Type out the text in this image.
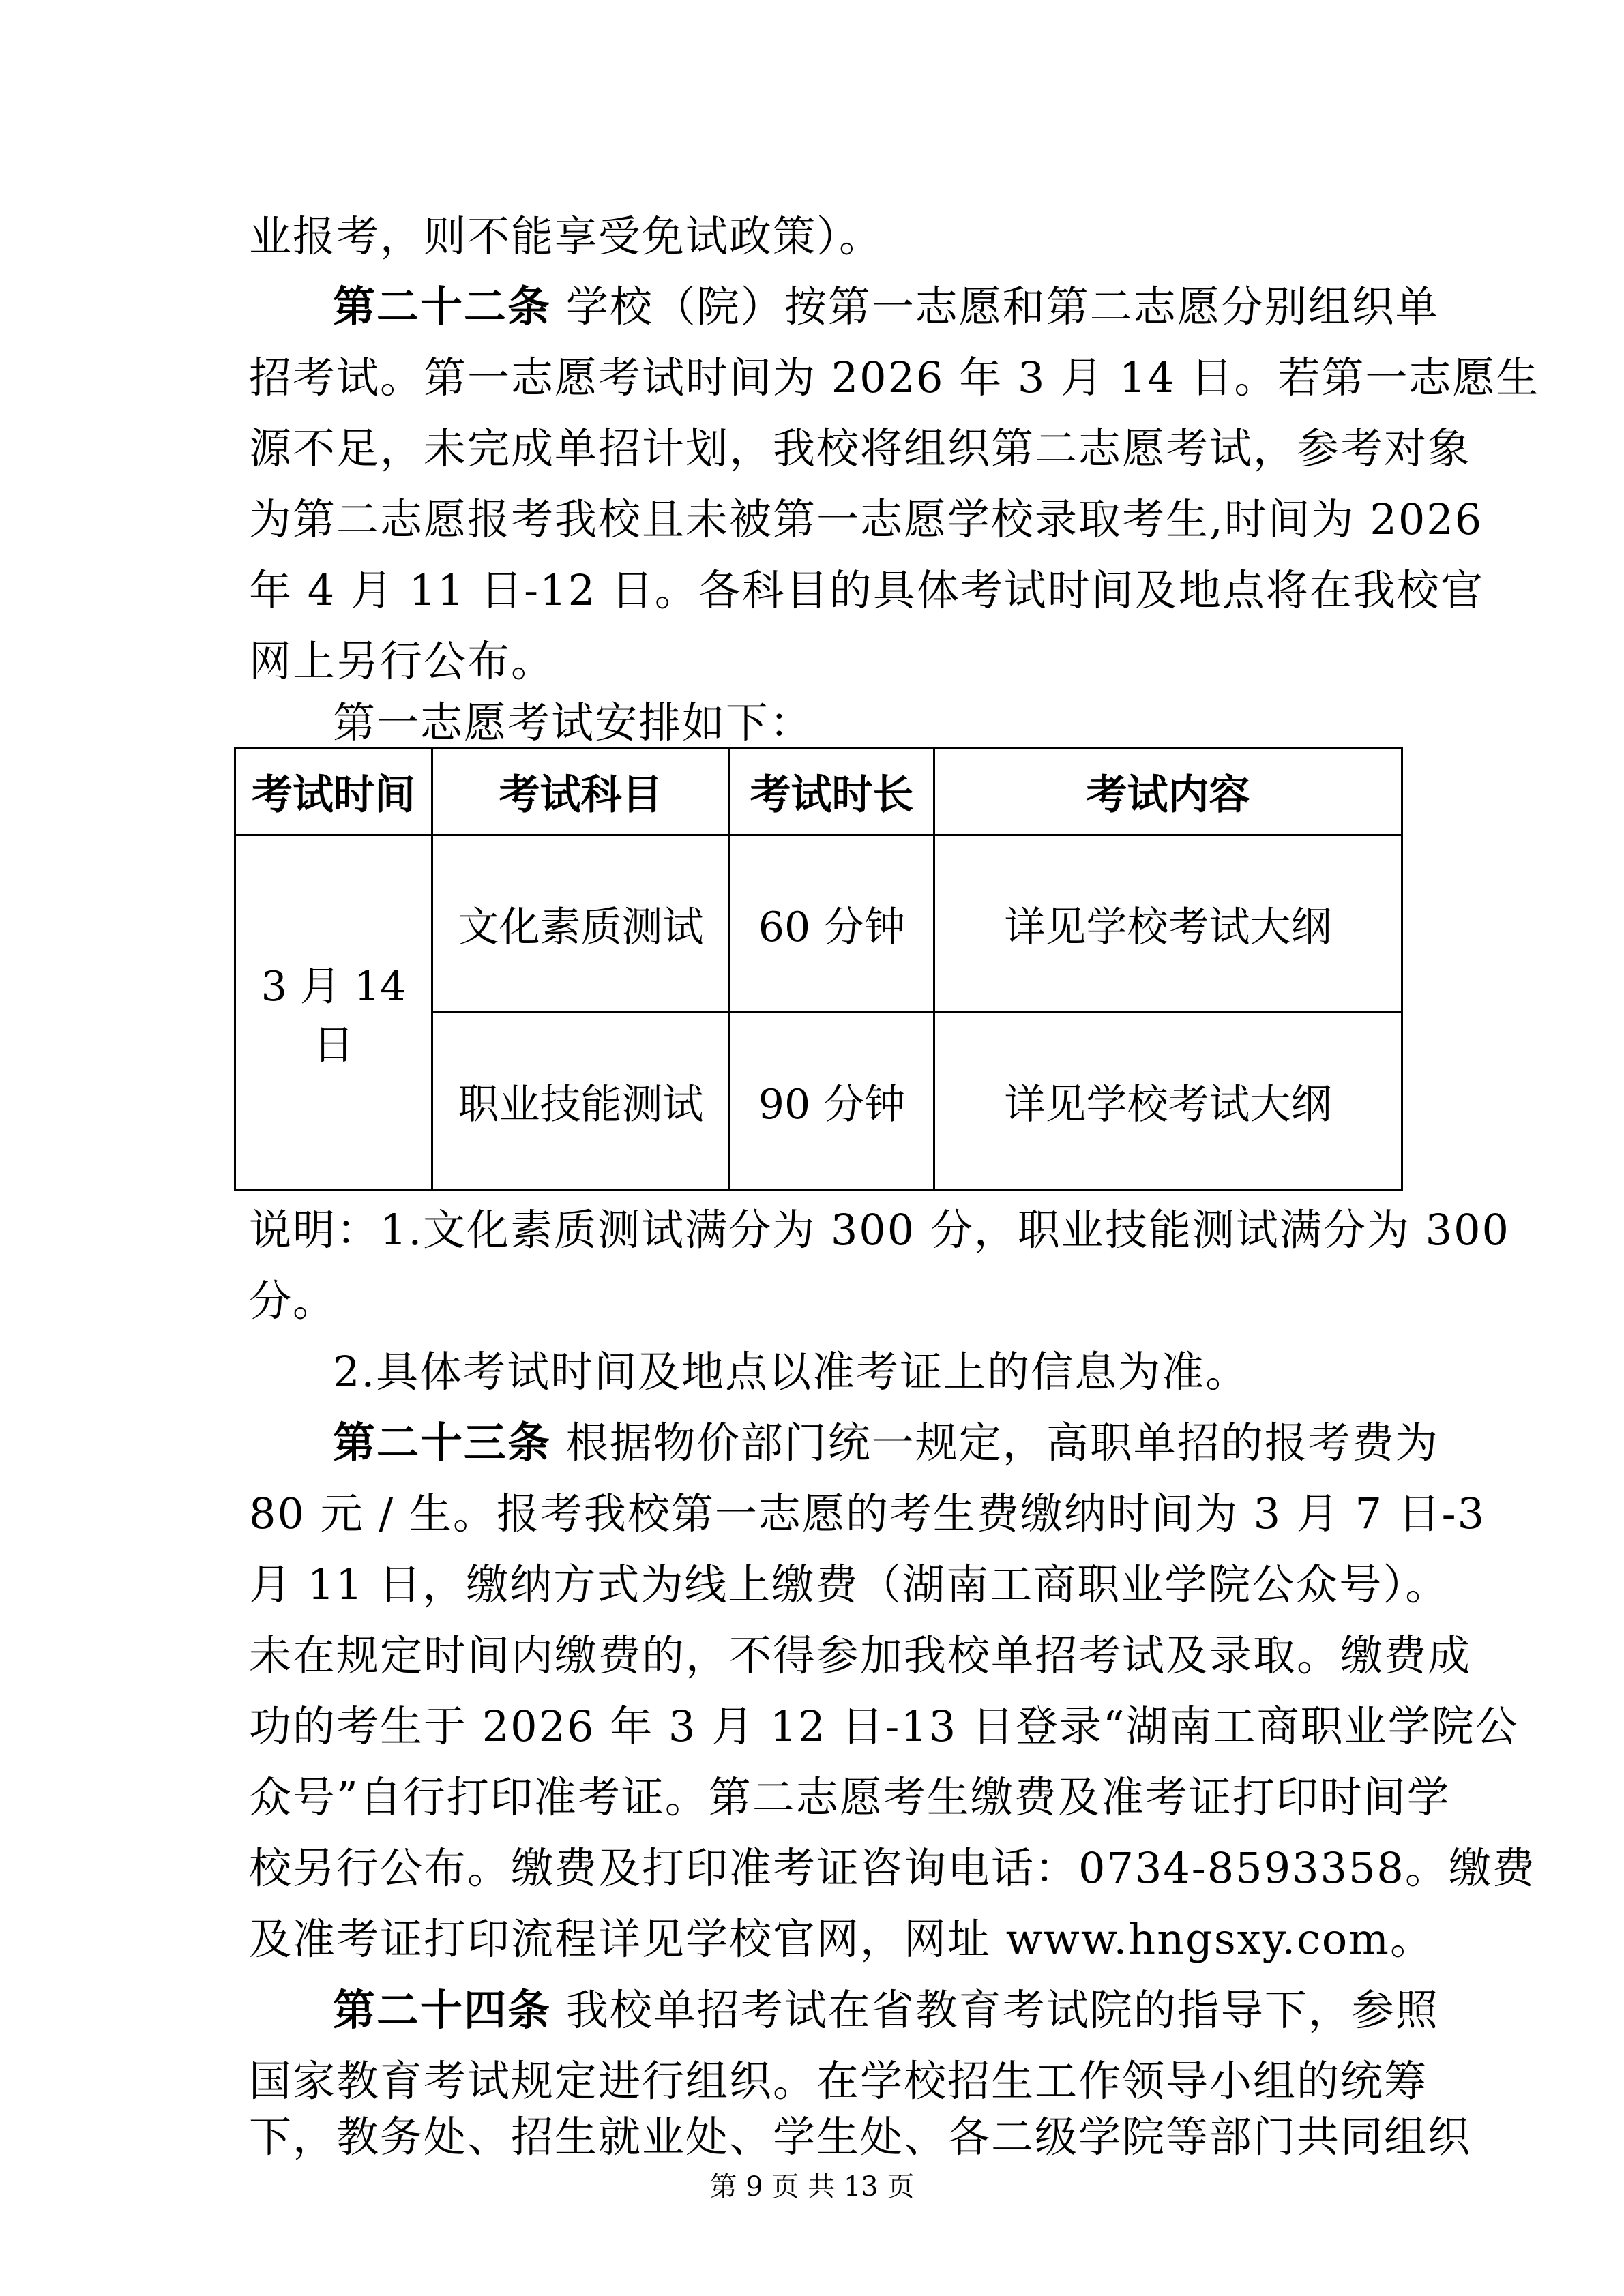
业报考，则不能享受免试政策）。
第二十二条 学校（院）按第一志愿和第二志愿分别组织单
招考试。第一志愿考试时间为 2026 年 3 月 14 日。若第一志愿生
源不足，未完成单招计划，我校将组织第二志愿考试，参考对象
为第二志愿报考我校且未被第一志愿学校录取考生,时间为 2026
年 4 月 11 日-12 日。各科目的具体考试时间及地点将在我校官
网上另行公布。
第一志愿考试安排如下：
考试时间	考试科目	考试时长	考试内容
3 月 14 日	文化素质测试	60 分钟	详见学校考试大纲
	职业技能测试	90 分钟	详见学校考试大纲
说明：1.文化素质测试满分为 300 分，职业技能测试满分为 300
分。
2.具体考试时间及地点以准考证上的信息为准。
第二十三条 根据物价部门统一规定，高职单招的报考费为
80 元 / 生。报考我校第一志愿的考生费缴纳时间为 3 月 7 日-3
月 11 日，缴纳方式为线上缴费（湖南工商职业学院公众号）。
未在规定时间内缴费的，不得参加我校单招考试及录取。缴费成
功的考生于 2026 年 3 月 12 日-13 日登录“湖南工商职业学院公
众号”自行打印准考证。第二志愿考生缴费及准考证打印时间学
校另行公布。缴费及打印准考证咨询电话：0734-8593358。缴费
及准考证打印流程详见学校官网，网址 www.hngsxy.com。
第二十四条 我校单招考试在省教育考试院的指导下，参照
国家教育考试规定进行组织。在学校招生工作领导小组的统筹
下，教务处、招生就业处、学生处、各二级学院等部门共同组织
第 9 页 共 13 页
